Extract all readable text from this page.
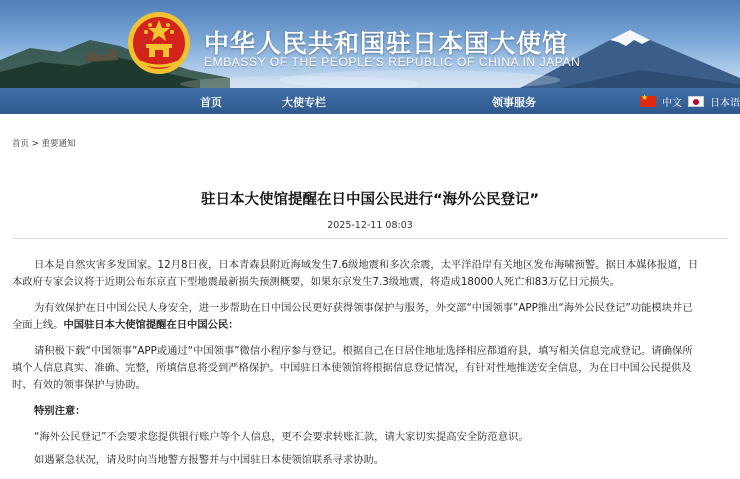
中华人民共和国驻日本国大使馆
EMBASSY OF THE PEOPLE'S REPUBLIC OF CHINA IN JAPAN
首页	大使专栏	领事服务
★	中文	日本语
首页 > 重要通知
驻日本大使馆提醒在日中国公民进行“海外公民登记”
2025-12-11 08:03

日本是自然灾害多发国家。12月8日夜，日本青森县附近海域发生7.6级地震和多次余震，太平洋沿岸有关地区发布海啸预警。据日本媒体报道，日

本政府专家会议将于近期公布东京直下型地震最新损失预测概要，如果东京发生7.3级地震，将造成18000人死亡和83万亿日元损失。

为有效保护在日中国公民人身安全，进一步帮助在日中国公民更好获得领事保护与服务，外交部“中国领事”APP推出“海外公民登记”功能模块并已

全面上线。中国驻日本大使馆提醒在日中国公民：

请积极下载“中国领事”APP或通过“中国领事”微信小程序参与登记。根据自己在日居住地址选择相应都道府县，填写相关信息完成登记。请确保所

填个人信息真实、准确、完整，所填信息将受到严格保护。中国驻日本使领馆将根据信息登记情况，有针对性地推送安全信息，为在日中国公民提供及

时、有效的领事保护与协助。

特别注意：

“海外公民登记”不会要求您提供银行账户等个人信息，更不会要求转账汇款，请大家切实提高安全防范意识。

如遇紧急状况，请及时向当地警方报警并与中国驻日本使领馆联系寻求协助。
